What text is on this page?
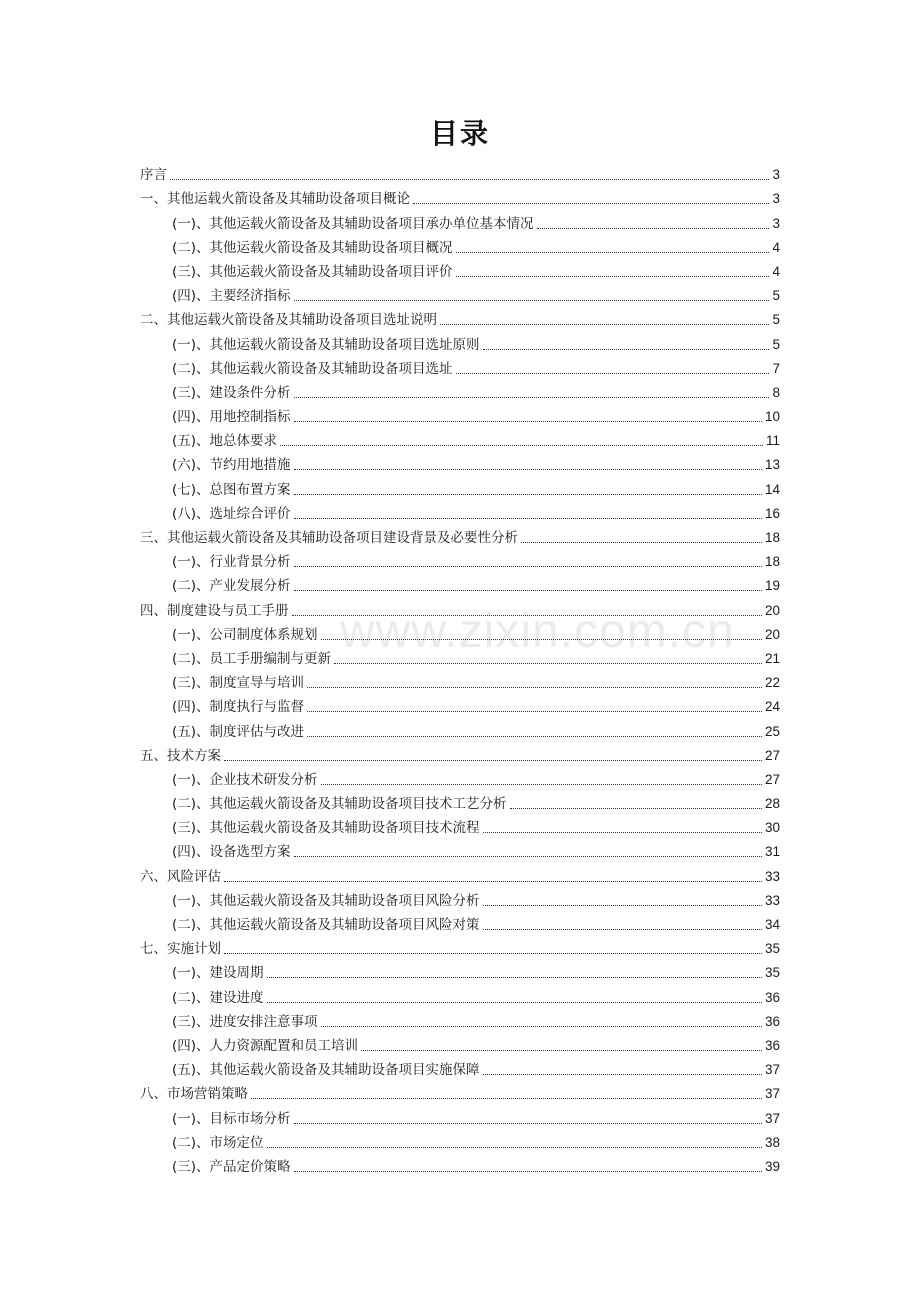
目录
www.zixin.com.cn
序言	3
一、其他运载火箭设备及其辅助设备项目概论	3
(一)、其他运载火箭设备及其辅助设备项目承办单位基本情况	3
(二)、其他运载火箭设备及其辅助设备项目概况	4
(三)、其他运载火箭设备及其辅助设备项目评价	4
(四)、主要经济指标	5
二、其他运载火箭设备及其辅助设备项目选址说明	5
(一)、其他运载火箭设备及其辅助设备项目选址原则	5
(二)、其他运载火箭设备及其辅助设备项目选址	7
(三)、建设条件分析	8
(四)、用地控制指标	10
(五)、地总体要求	11
(六)、节约用地措施	13
(七)、总图布置方案	14
(八)、选址综合评价	16
三、其他运载火箭设备及其辅助设备项目建设背景及必要性分析	18
(一)、行业背景分析	18
(二)、产业发展分析	19
四、制度建设与员工手册	20
(一)、公司制度体系规划	20
(二)、员工手册编制与更新	21
(三)、制度宣导与培训	22
(四)、制度执行与监督	24
(五)、制度评估与改进	25
五、技术方案	27
(一)、企业技术研发分析	27
(二)、其他运载火箭设备及其辅助设备项目技术工艺分析	28
(三)、其他运载火箭设备及其辅助设备项目技术流程	30
(四)、设备选型方案	31
六、风险评估	33
(一)、其他运载火箭设备及其辅助设备项目风险分析	33
(二)、其他运载火箭设备及其辅助设备项目风险对策	34
七、实施计划	35
(一)、建设周期	35
(二)、建设进度	36
(三)、进度安排注意事项	36
(四)、人力资源配置和员工培训	36
(五)、其他运载火箭设备及其辅助设备项目实施保障	37
八、市场营销策略	37
(一)、目标市场分析	37
(二)、市场定位	38
(三)、产品定价策略	39
